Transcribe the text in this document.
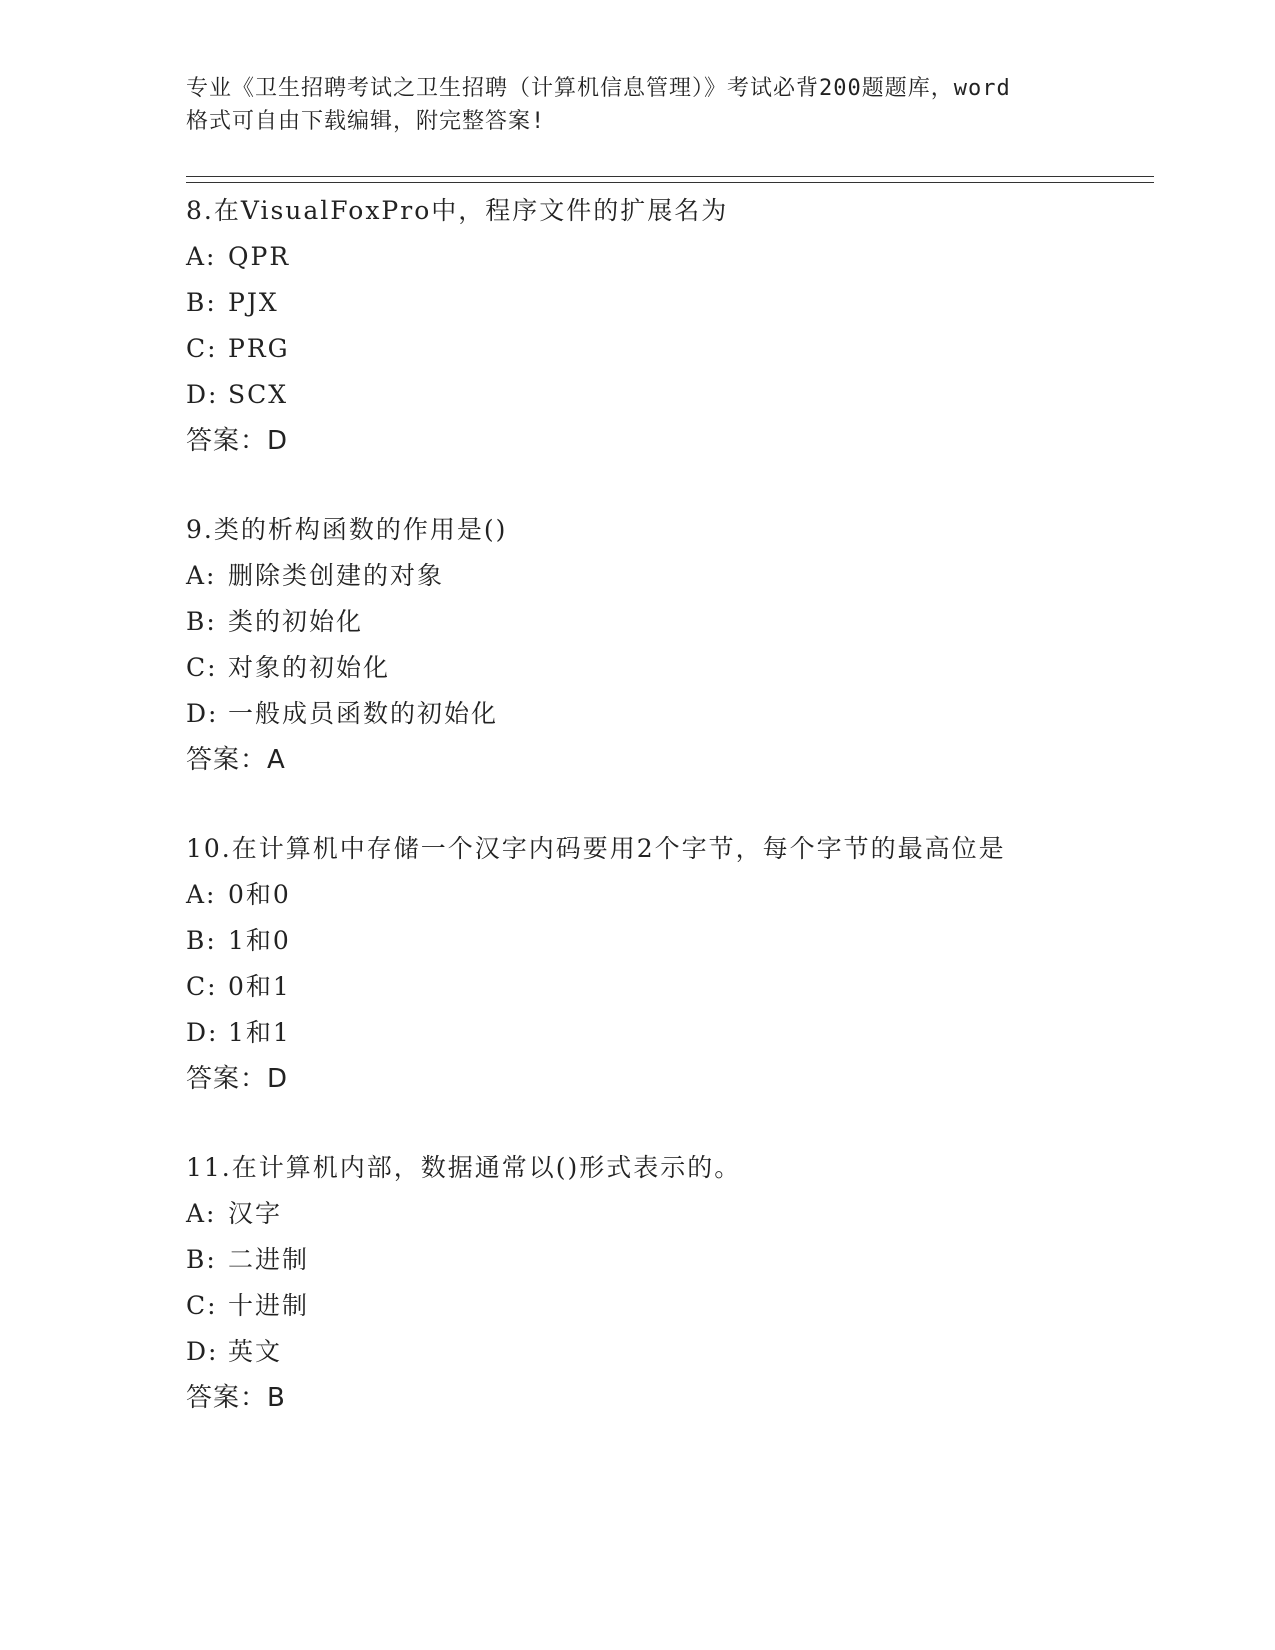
专业《卫生招聘考试之卫生招聘（计算机信息管理）》考试必背200题题库，word
格式可自由下载编辑，附完整答案!
8.在VisualFoxPro中，程序文件的扩展名为
A: QPR
B: PJX
C: PRG
D: SCX
答案：D
9.类的析构函数的作用是()
A: 删除类创建的对象
B: 类的初始化
C: 对象的初始化
D: 一般成员函数的初始化
答案：A
10.在计算机中存储一个汉字内码要用2个字节，每个字节的最高位是
A: 0和0
B: 1和0
C: 0和1
D: 1和1
答案：D
11.在计算机内部，数据通常以()形式表示的。
A: 汉字
B: 二进制
C: 十进制
D: 英文
答案：B
